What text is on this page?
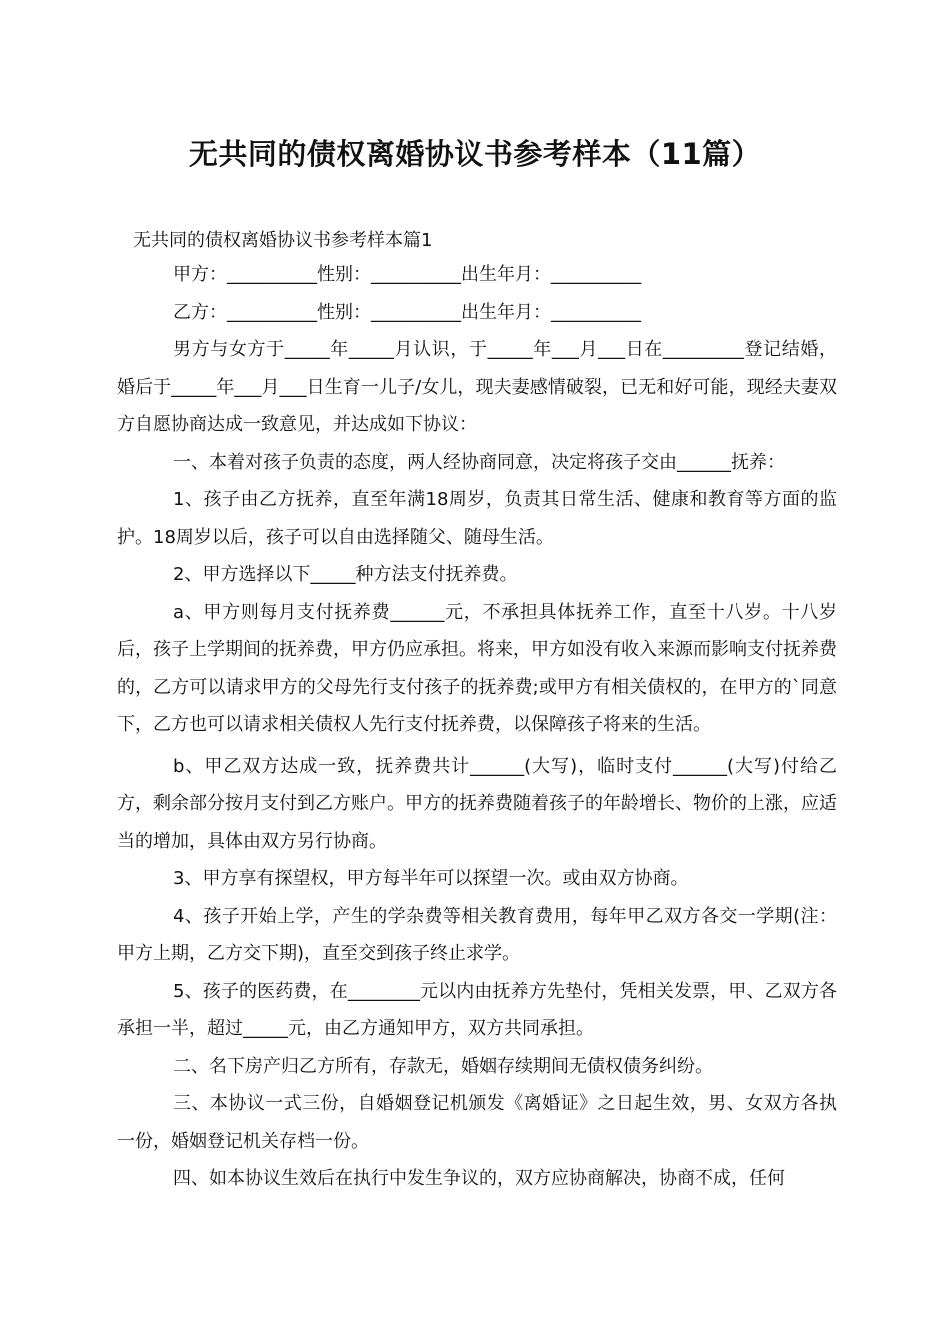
无共同的债权离婚协议书参考样本（11篇）
无共同的债权离婚协议书参考样本篇1

甲方：__________性别：__________出生年月：__________

乙方：__________性别：__________出生年月：__________

男方与女方于_____年_____月认识，于_____年___月___日在_________登记结婚，婚后于_____年___月___日生育一儿子/女儿，现夫妻感情破裂，已无和好可能，现经夫妻双方自愿协商达成一致意见，并达成如下协议：

一、本着对孩子负责的态度，两人经协商同意，决定将孩子交由______抚养：

1、孩子由乙方抚养，直至年满18周岁，负责其日常生活、健康和教育等方面的监护。18周岁以后，孩子可以自由选择随父、随母生活。

2、甲方选择以下_____种方法支付抚养费。

a、甲方则每月支付抚养费______元，不承担具体抚养工作，直至十八岁。十八岁后，孩子上学期间的抚养费，甲方仍应承担。将来，甲方如没有收入来源而影响支付抚养费的，乙方可以请求甲方的父母先行支付孩子的抚养费;或甲方有相关债权的，在甲方的`同意下，乙方也可以请求相关债权人先行支付抚养费，以保障孩子将来的生活。

b、甲乙双方达成一致，抚养费共计______(大写)，临时支付______(大写)付给乙方，剩余部分按月支付到乙方账户。甲方的抚养费随着孩子的年龄增长、物价的上涨，应适当的增加，具体由双方另行协商。

3、甲方享有探望权，甲方每半年可以探望一次。或由双方协商。

4、孩子开始上学，产生的学杂费等相关教育费用，每年甲乙双方各交一学期(注：甲方上期，乙方交下期)，直至交到孩子终止求学。

5、孩子的医药费，在________元以内由抚养方先垫付，凭相关发票，甲、乙双方各承担一半，超过_____元，由乙方通知甲方，双方共同承担。

二、名下房产归乙方所有，存款无，婚姻存续期间无债权债务纠纷。

三、本协议一式三份，自婚姻登记机颁发《离婚证》之日起生效，男、女双方各执一份，婚姻登记机关存档一份。

四、如本协议生效后在执行中发生争议的，双方应协商解决，协商不成，任何
